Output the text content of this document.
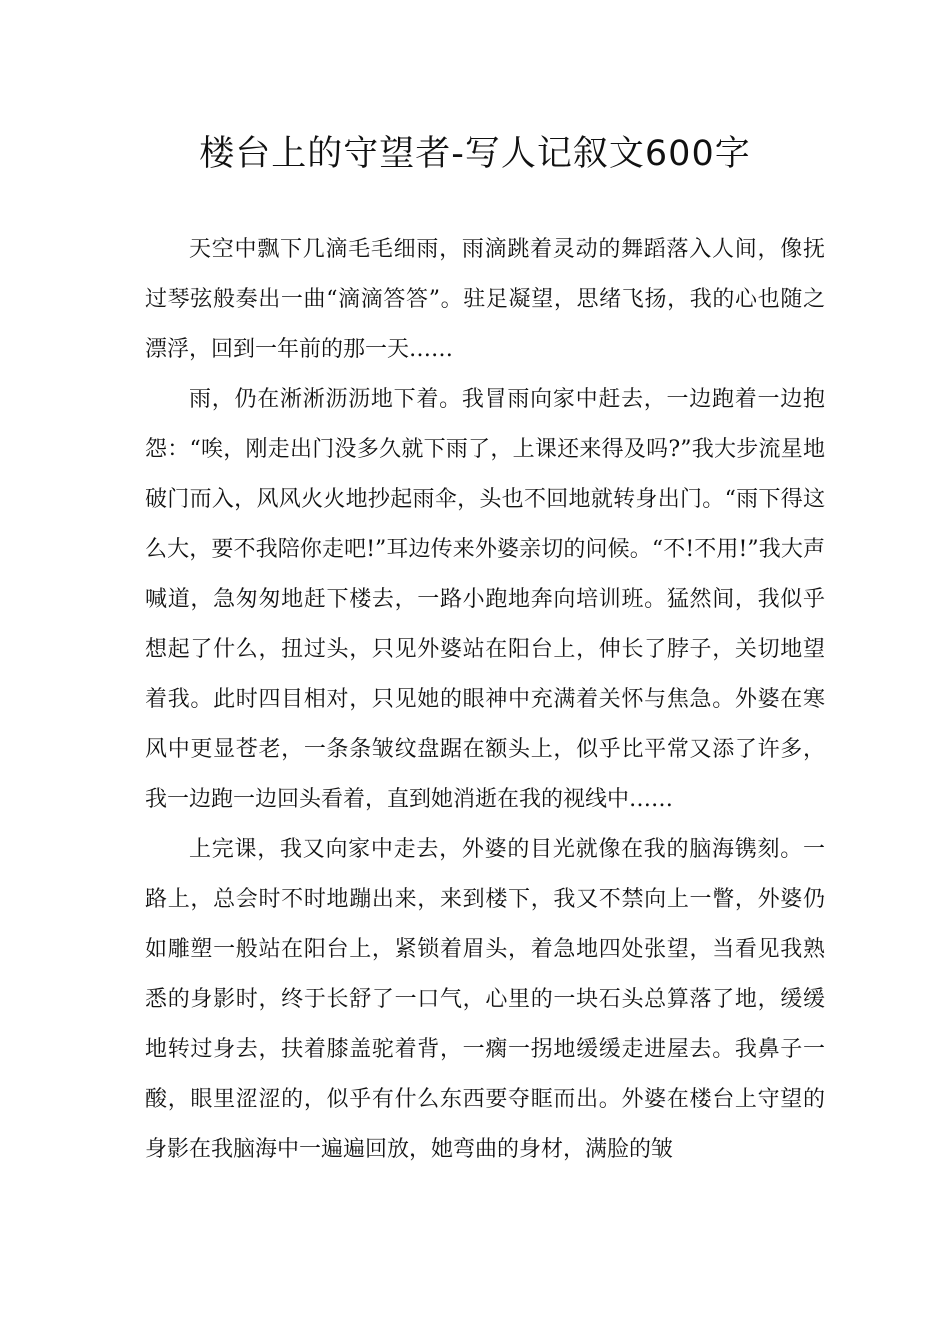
楼台上的守望者-写人记叙文600字

天空中飘下几滴毛毛细雨，雨滴跳着灵动的舞蹈落入人间，像抚过琴弦般奏出一曲“滴滴答答”。驻足凝望，思绪飞扬，我的心也随之漂浮，回到一年前的那一天……

雨，仍在淅淅沥沥地下着。我冒雨向家中赶去，一边跑着一边抱怨：“唉，刚走出门没多久就下雨了，上课还来得及吗?”我大步流星地破门而入，风风火火地抄起雨伞，头也不回地就转身出门。“雨下得这么大，要不我陪你走吧!”耳边传来外婆亲切的问候。“不!不用!”我大声喊道，急匆匆地赶下楼去，一路小跑地奔向培训班。猛然间，我似乎想起了什么，扭过头，只见外婆站在阳台上，伸长了脖子，关切地望着我。此时四目相对，只见她的眼神中充满着关怀与焦急。外婆在寒风中更显苍老，一条条皱纹盘踞在额头上，似乎比平常又添了许多，我一边跑一边回头看着，直到她消逝在我的视线中……

上完课，我又向家中走去，外婆的目光就像在我的脑海镌刻。一路上，总会时不时地蹦出来，来到楼下，我又不禁向上一瞥，外婆仍如雕塑一般站在阳台上，紧锁着眉头，着急地四处张望，当看见我熟悉的身影时，终于长舒了一口气，心里的一块石头总算落了地，缓缓地转过身去，扶着膝盖驼着背，一瘸一拐地缓缓走进屋去。我鼻子一酸，眼里涩涩的，似乎有什么东西要夺眶而出。外婆在楼台上守望的身影在我脑海中一遍遍回放，她弯曲的身材，满脸的皱
